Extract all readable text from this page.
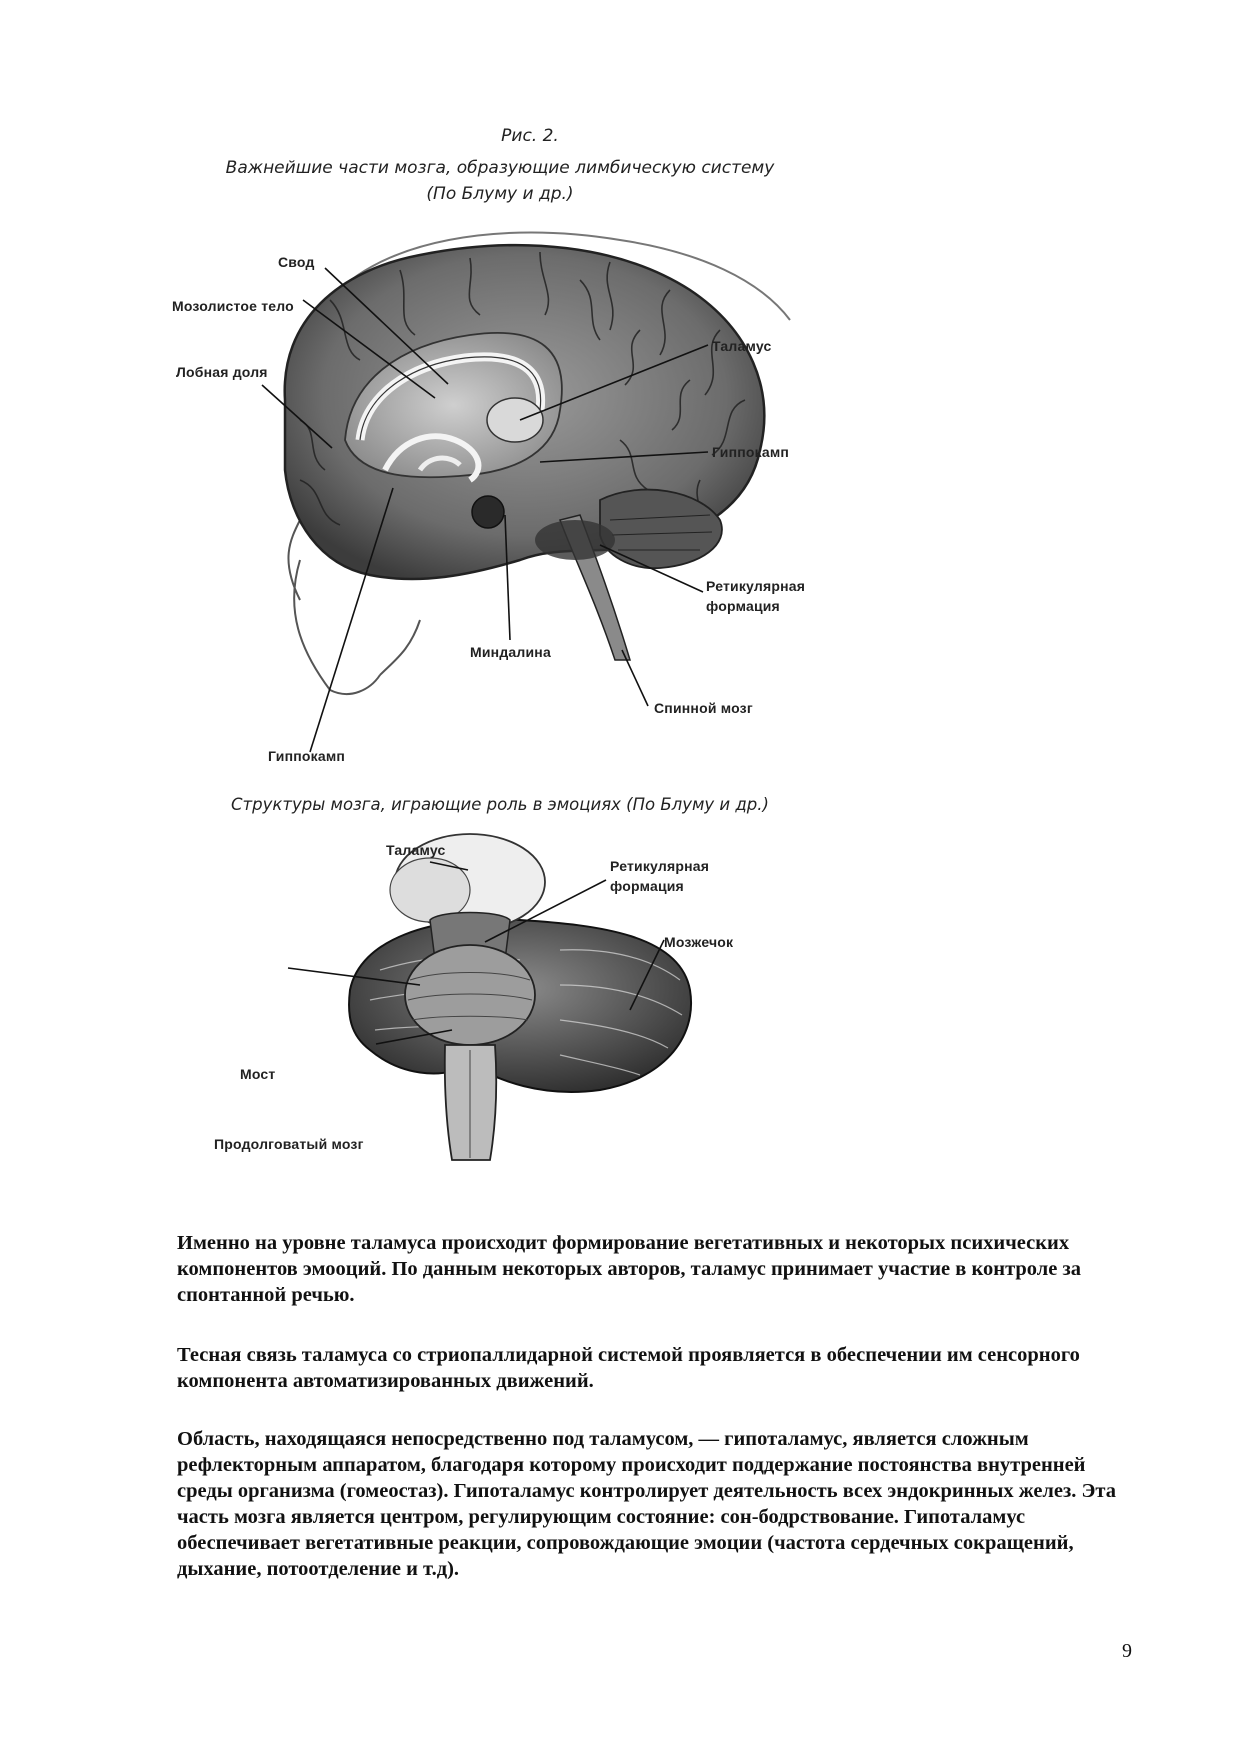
Рис. 2.
Важнейшие части мозга, образующие лимбическую систему
(По Блуму и др.)
Свод
Мозолистое тело
Лобная доля
Таламус
Гиппокамп
Ретикулярная
формация
Миндалина
Спинной мозг
Гиппокамп
Структуры мозга, играющие роль в эмоциях (По Блуму и др.)
Таламус
Ретикулярная
формация
Мозжечок
Мост
Продолговатый мозг
Именно на уровне таламуса происходит формирование вегетативных и некоторых психических компонентов эмооций. По данным некоторых авторов, таламус принимает участие в контроле за спонтанной речью.
Тесная связь таламуса со стриопаллидарной системой проявляется в обеспечении им сенсорного компонента автоматизированных движений.
Область, находящаяся непосредственно под таламусом, — гипоталамус, является сложным рефлекторным аппаратом, благодаря которому происходит поддержание постоянства внутренней среды организма (гомеостаз). Гипоталамус контролирует деятельность всех эндокринных желез. Эта часть мозга является центром, регулирующим состояние: сон-бодрствование. Гипоталамус обеспечивает вегетативные реакции, сопровождающие эмоции (частота сердечных сокращений, дыхание, потоотделение и т.д).
9
